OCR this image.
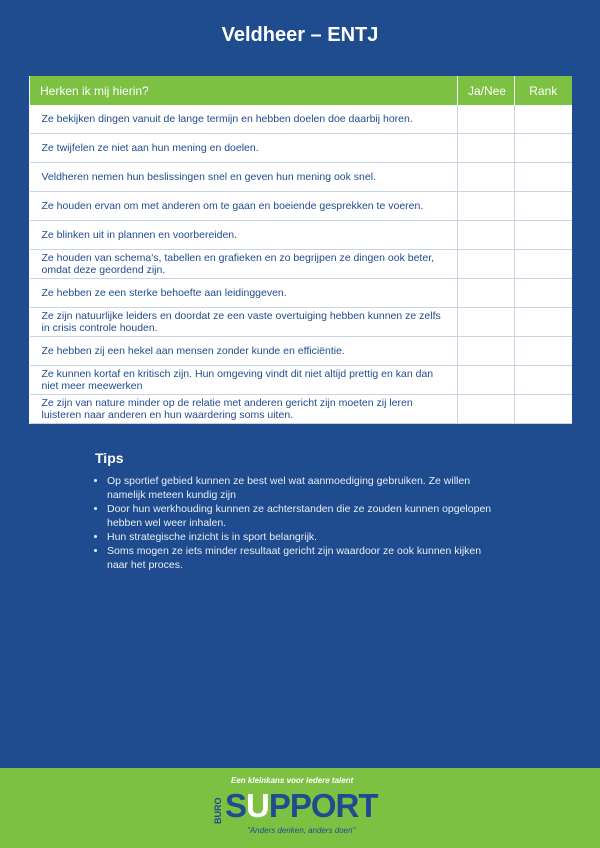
Veldheer – ENTJ
Herken ik mij hierin?	Ja/Nee	Rank
Ze bekijken dingen vanuit de lange termijn en hebben doelen doe daarbij horen.		
Ze twijfelen ze niet aan hun mening en doelen.		
Veldheren nemen hun beslissingen snel en geven hun mening ook snel.		
Ze houden ervan om met anderen om te gaan en boeiende gesprekken te voeren.		
Ze blinken uit in plannen en voorbereiden.		
Ze houden van schema's, tabellen en grafieken en zo begrijpen ze dingen ook beter, omdat deze geordend zijn.		
Ze hebben ze een sterke behoefte aan leidinggeven.		
Ze zijn natuurlijke leiders en doordat ze een vaste overtuiging hebben kunnen ze zelfs in crisis controle houden.		
Ze hebben zij een hekel aan mensen zonder kunde en efficiëntie.		
Ze kunnen kortaf en kritisch zijn. Hun omgeving vindt dit niet altijd prettig en kan dan niet meer meewerken		
Ze zijn van nature minder op de relatie met anderen gericht zijn moeten zij leren luisteren naar anderen en hun waardering soms uiten.		
Tips
• Op sportief gebied kunnen ze best wel wat aanmoediging gebruiken. Ze willen namelijk meteen kundig zijn
• Door hun werkhouding kunnen ze achterstanden die ze zouden kunnen opgelopen hebben wel weer inhalen.
• Hun strategische inzicht is in sport belangrijk.
• Soms mogen ze iets minder resultaat gericht zijn waardoor ze ook kunnen kijken naar het proces.
Een kleinkans voor iedere talent
BURO SUPPORT
"Anders denken, anders doen"
